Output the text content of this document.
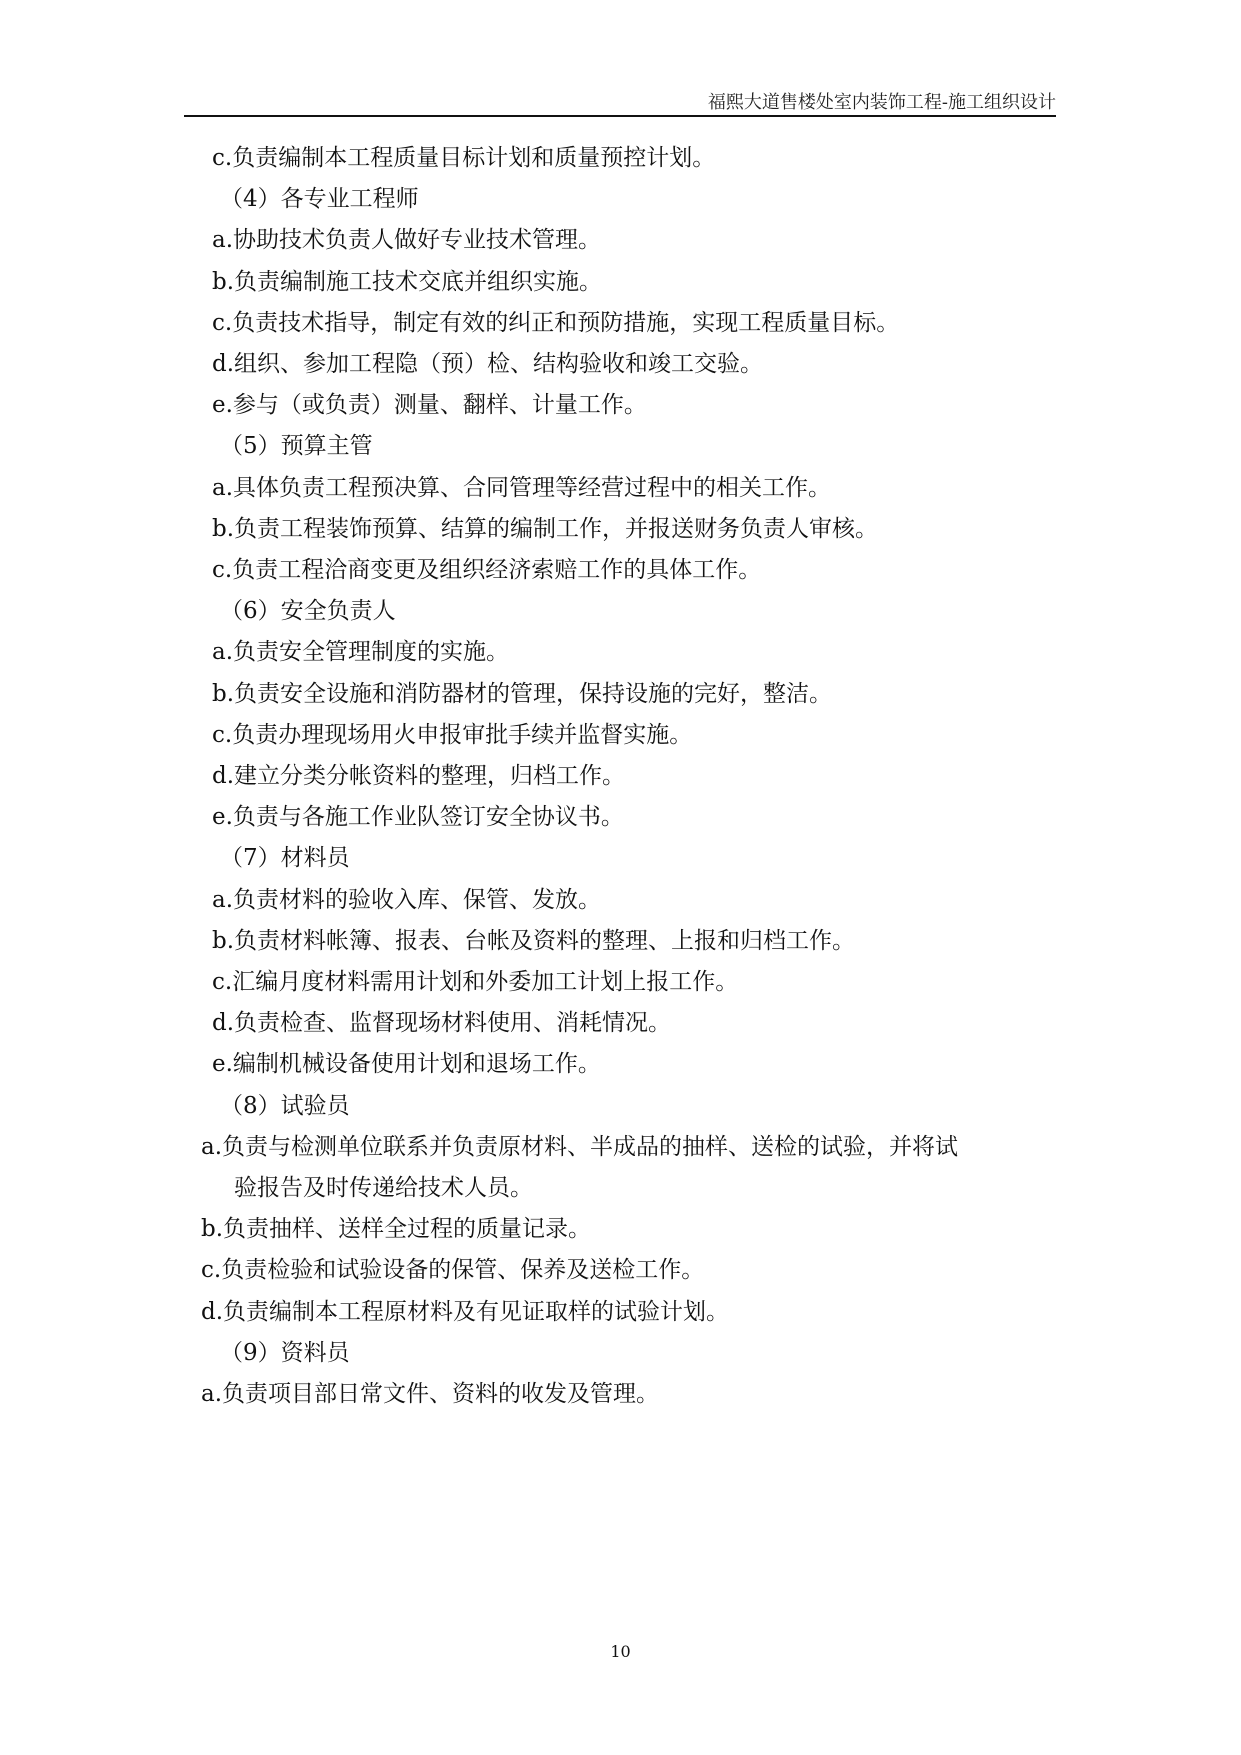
福熙大道售楼处室内装饰工程-施工组织设计
c.负责编制本工程质量目标计划和质量预控计划。
（4）各专业工程师
a.协助技术负责人做好专业技术管理。
b.负责编制施工技术交底并组织实施。
c.负责技术指导，制定有效的纠正和预防措施，实现工程质量目标。
d.组织、参加工程隐（预）检、结构验收和竣工交验。
e.参与（或负责）测量、翻样、计量工作。
（5）预算主管
a.具体负责工程预决算、合同管理等经营过程中的相关工作。
b.负责工程装饰预算、结算的编制工作，并报送财务负责人审核。
c.负责工程洽商变更及组织经济索赔工作的具体工作。
（6）安全负责人
a.负责安全管理制度的实施。
b.负责安全设施和消防器材的管理，保持设施的完好，整洁。
c.负责办理现场用火申报审批手续并监督实施。
d.建立分类分帐资料的整理，归档工作。
e.负责与各施工作业队签订安全协议书。
（7）材料员
a.负责材料的验收入库、保管、发放。
b.负责材料帐簿、报表、台帐及资料的整理、上报和归档工作。
c.汇编月度材料需用计划和外委加工计划上报工作。
d.负责检查、监督现场材料使用、消耗情况。
e.编制机械设备使用计划和退场工作。
（8）试验员
a.负责与检测单位联系并负责原材料、半成品的抽样、送检的试验，并将试
验报告及时传递给技术人员。
b.负责抽样、送样全过程的质量记录。
c.负责检验和试验设备的保管、保养及送检工作。
d.负责编制本工程原材料及有见证取样的试验计划。
（9）资料员
a.负责项目部日常文件、资料的收发及管理。
10
